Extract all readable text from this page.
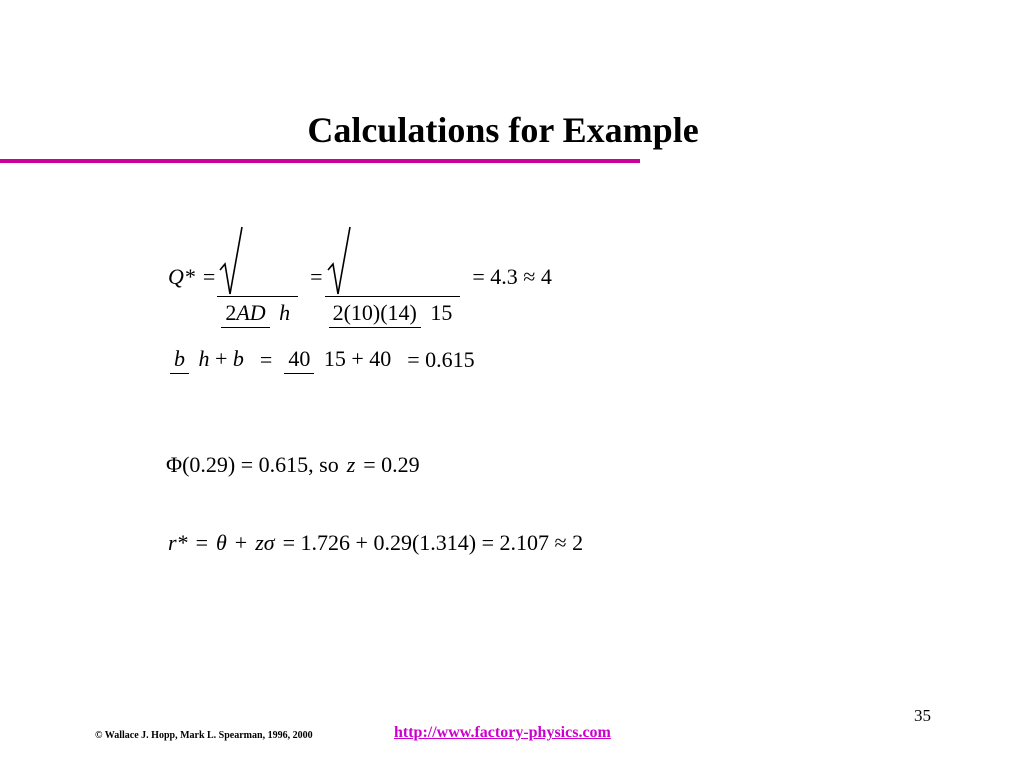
Calculations for Example
Q* =
2AD h
=
2(10)(14) 15
= 4.3 ≈ 4
b h + b = 40 15 + 40 = 0.615
Φ(0.29) = 0.615, so z = 0.29
r* = θ + z σ = 1.726 + 0.29(1.314) = 2.107 ≈ 2
35
© Wallace J. Hopp, Mark L. Spearman, 1996, 2000	http://www.factory-physics.com
